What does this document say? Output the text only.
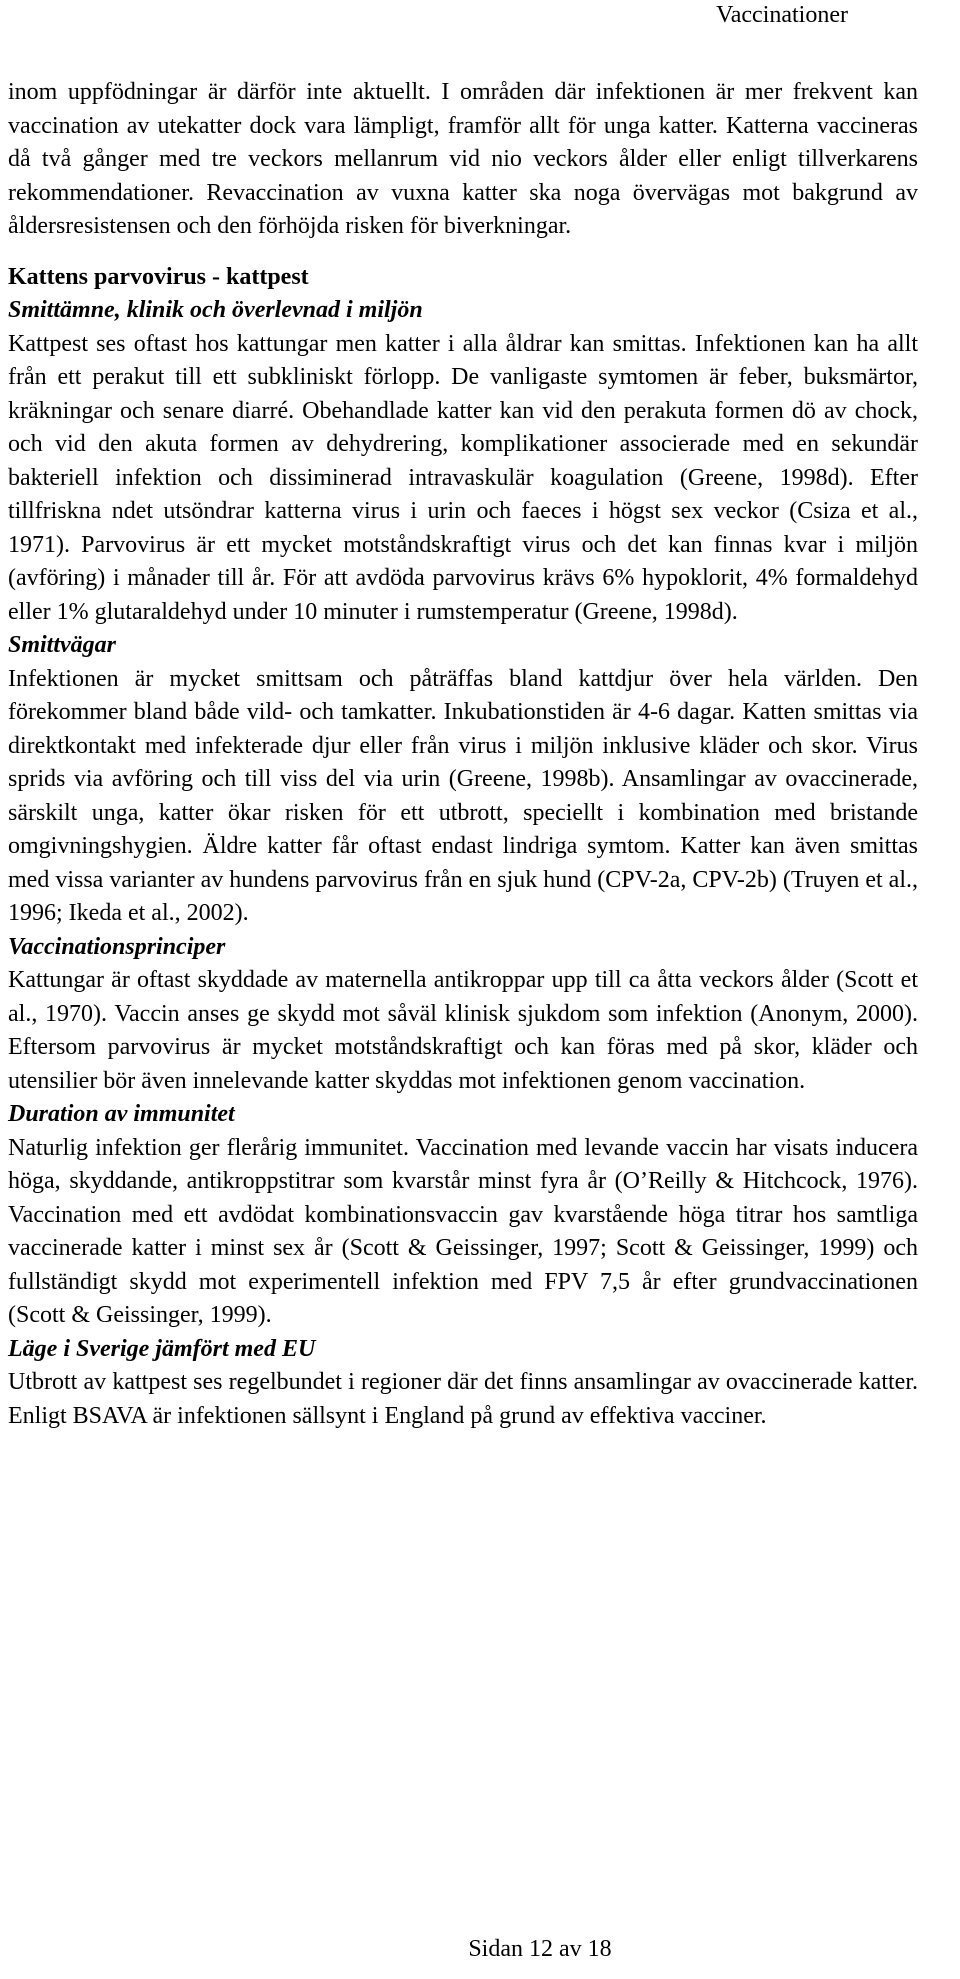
Vaccinationer

inom uppfödningar är därför inte aktuellt. I områden där infektionen är mer frekvent kan vaccination av utekatter dock vara lämpligt, framför allt för unga katter. Katterna vaccineras då två gånger med tre veckors mellanrum vid nio veckors ålder eller enligt tillverkarens rekommendationer. Revaccination av vuxna katter ska noga övervägas mot bakgrund av åldersresistensen och den förhöjda risken för biverkningar.

Kattens parvovirus - kattpest
Smittämne, klinik och överlevnad i miljön

Kattpest ses oftast hos kattungar men katter i alla åldrar kan smittas. Infektionen kan ha allt från ett perakut till ett subkliniskt förlopp. De vanligaste symtomen är feber, buksmärtor, kräkningar och senare diarré. Obehandlade katter kan vid den perakuta formen dö av chock, och vid den akuta formen av dehydrering, komplikationer associerade med en sekundär bakteriell infektion och dissiminerad intravaskulär koagulation (Greene, 1998d). Efter tillfriskna ndet utsöndrar katterna virus i urin och faeces i högst sex veckor (Csiza et al., 1971). Parvovirus är ett mycket motståndskraftigt virus och det kan finnas kvar i miljön (avföring) i månader till år. För att avdöda parvovirus krävs 6% hypoklorit, 4% formaldehyd eller 1% glutaraldehyd under 10 minuter i rumstemperatur (Greene, 1998d).

Smittvägar

Infektionen är mycket smittsam och påträffas bland kattdjur över hela världen. Den förekommer bland både vild- och tamkatter. Inkubationstiden är 4-6 dagar. Katten smittas via direktkontakt med infekterade djur eller från virus i miljön inklusive kläder och skor. Virus sprids via avföring och till viss del via urin (Greene, 1998b). Ansamlingar av ovaccinerade, särskilt unga, katter ökar risken för ett utbrott, speciellt i kombination med bristande omgivningshygien. Äldre katter får oftast endast lindriga symtom. Katter kan även smittas med vissa varianter av hundens parvovirus från en sjuk hund (CPV-2a, CPV-2b) (Truyen et al., 1996; Ikeda et al., 2002).

Vaccinationsprinciper

Kattungar är oftast skyddade av maternella antikroppar upp till ca åtta veckors ålder (Scott et al., 1970). Vaccin anses ge skydd mot såväl klinisk sjukdom som infektion (Anonym, 2000). Eftersom parvovirus är mycket motståndskraftigt och kan föras med på skor, kläder och utensilier bör även innelevande katter skyddas mot infektionen genom vaccination.

Duration av immunitet

Naturlig infektion ger flerårig immunitet. Vaccination med levande vaccin har visats inducera höga, skyddande, antikroppstitrar som kvarstår minst fyra år (O’Reilly & Hitchcock, 1976). Vaccination med ett avdödat kombinationsvaccin gav kvarstående höga titrar hos samtliga vaccinerade katter i minst sex år (Scott & Geissinger, 1997; Scott & Geissinger, 1999) och fullständigt skydd mot experimentell infektion med FPV 7,5 år efter grundvaccinationen (Scott & Geissinger, 1999).

Läge i Sverige jämfört med EU

Utbrott av kattpest ses regelbundet i regioner där det finns ansamlingar av ovaccinerade katter. Enligt BSAVA är infektionen sällsynt i England på grund av effektiva vacciner.

Sidan 12 av 18
